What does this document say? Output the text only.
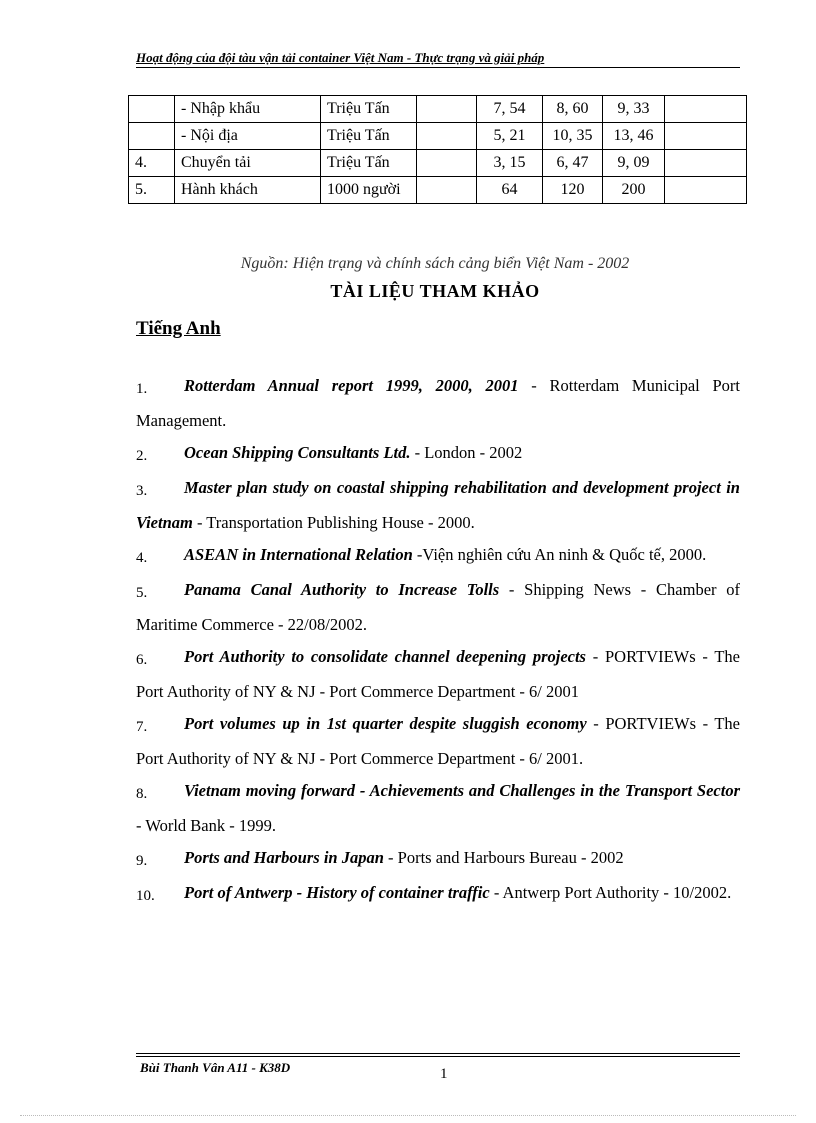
Hoạt động của đội tàu vận tải container Việt Nam - Thực trạng và giải pháp
	- Nhập khẩu	Triệu Tấn		7, 54	8, 60	9, 33	
	- Nội địa	Triệu Tấn		5, 21	10, 35	13, 46	
4.	Chuyển tải	Triệu Tấn		3, 15	6, 47	9, 09	
5.	Hành khách	1000 người		64	120	200	
Nguồn: Hiện trạng và chính sách cảng biển Việt Nam - 2002
TÀI LIỆU THAM KHẢO
Tiếng Anh

1. Rotterdam Annual report 1999, 2000, 2001 - Rotterdam Municipal Port Management.

2. Ocean Shipping Consultants Ltd. - London - 2002

3. Master plan study on coastal shipping rehabilitation and development project in Vietnam - Transportation Publishing House - 2000.

4. ASEAN in International Relation -Viện nghiên cứu An ninh & Quốc tế, 2000.

5. Panama Canal Authority to Increase Tolls - Shipping News - Chamber of Maritime Commerce - 22/08/2002.

6. Port Authority to consolidate channel deepening projects - PORTVIEWs - The Port Authority of NY & NJ - Port Commerce Department - 6/ 2001

7. Port volumes up in 1st quarter despite sluggish economy - PORTVIEWs - The Port Authority of NY & NJ - Port Commerce Department - 6/ 2001.

8. Vietnam moving forward - Achievements and Challenges in the Transport Sector - World Bank - 1999.

9. Ports and Harbours in Japan - Ports and Harbours Bureau - 2002

10. Port of Antwerp - History of container traffic - Antwerp Port Authority - 10/2002.

Bùi Thanh Vân A11 - K38D	1
